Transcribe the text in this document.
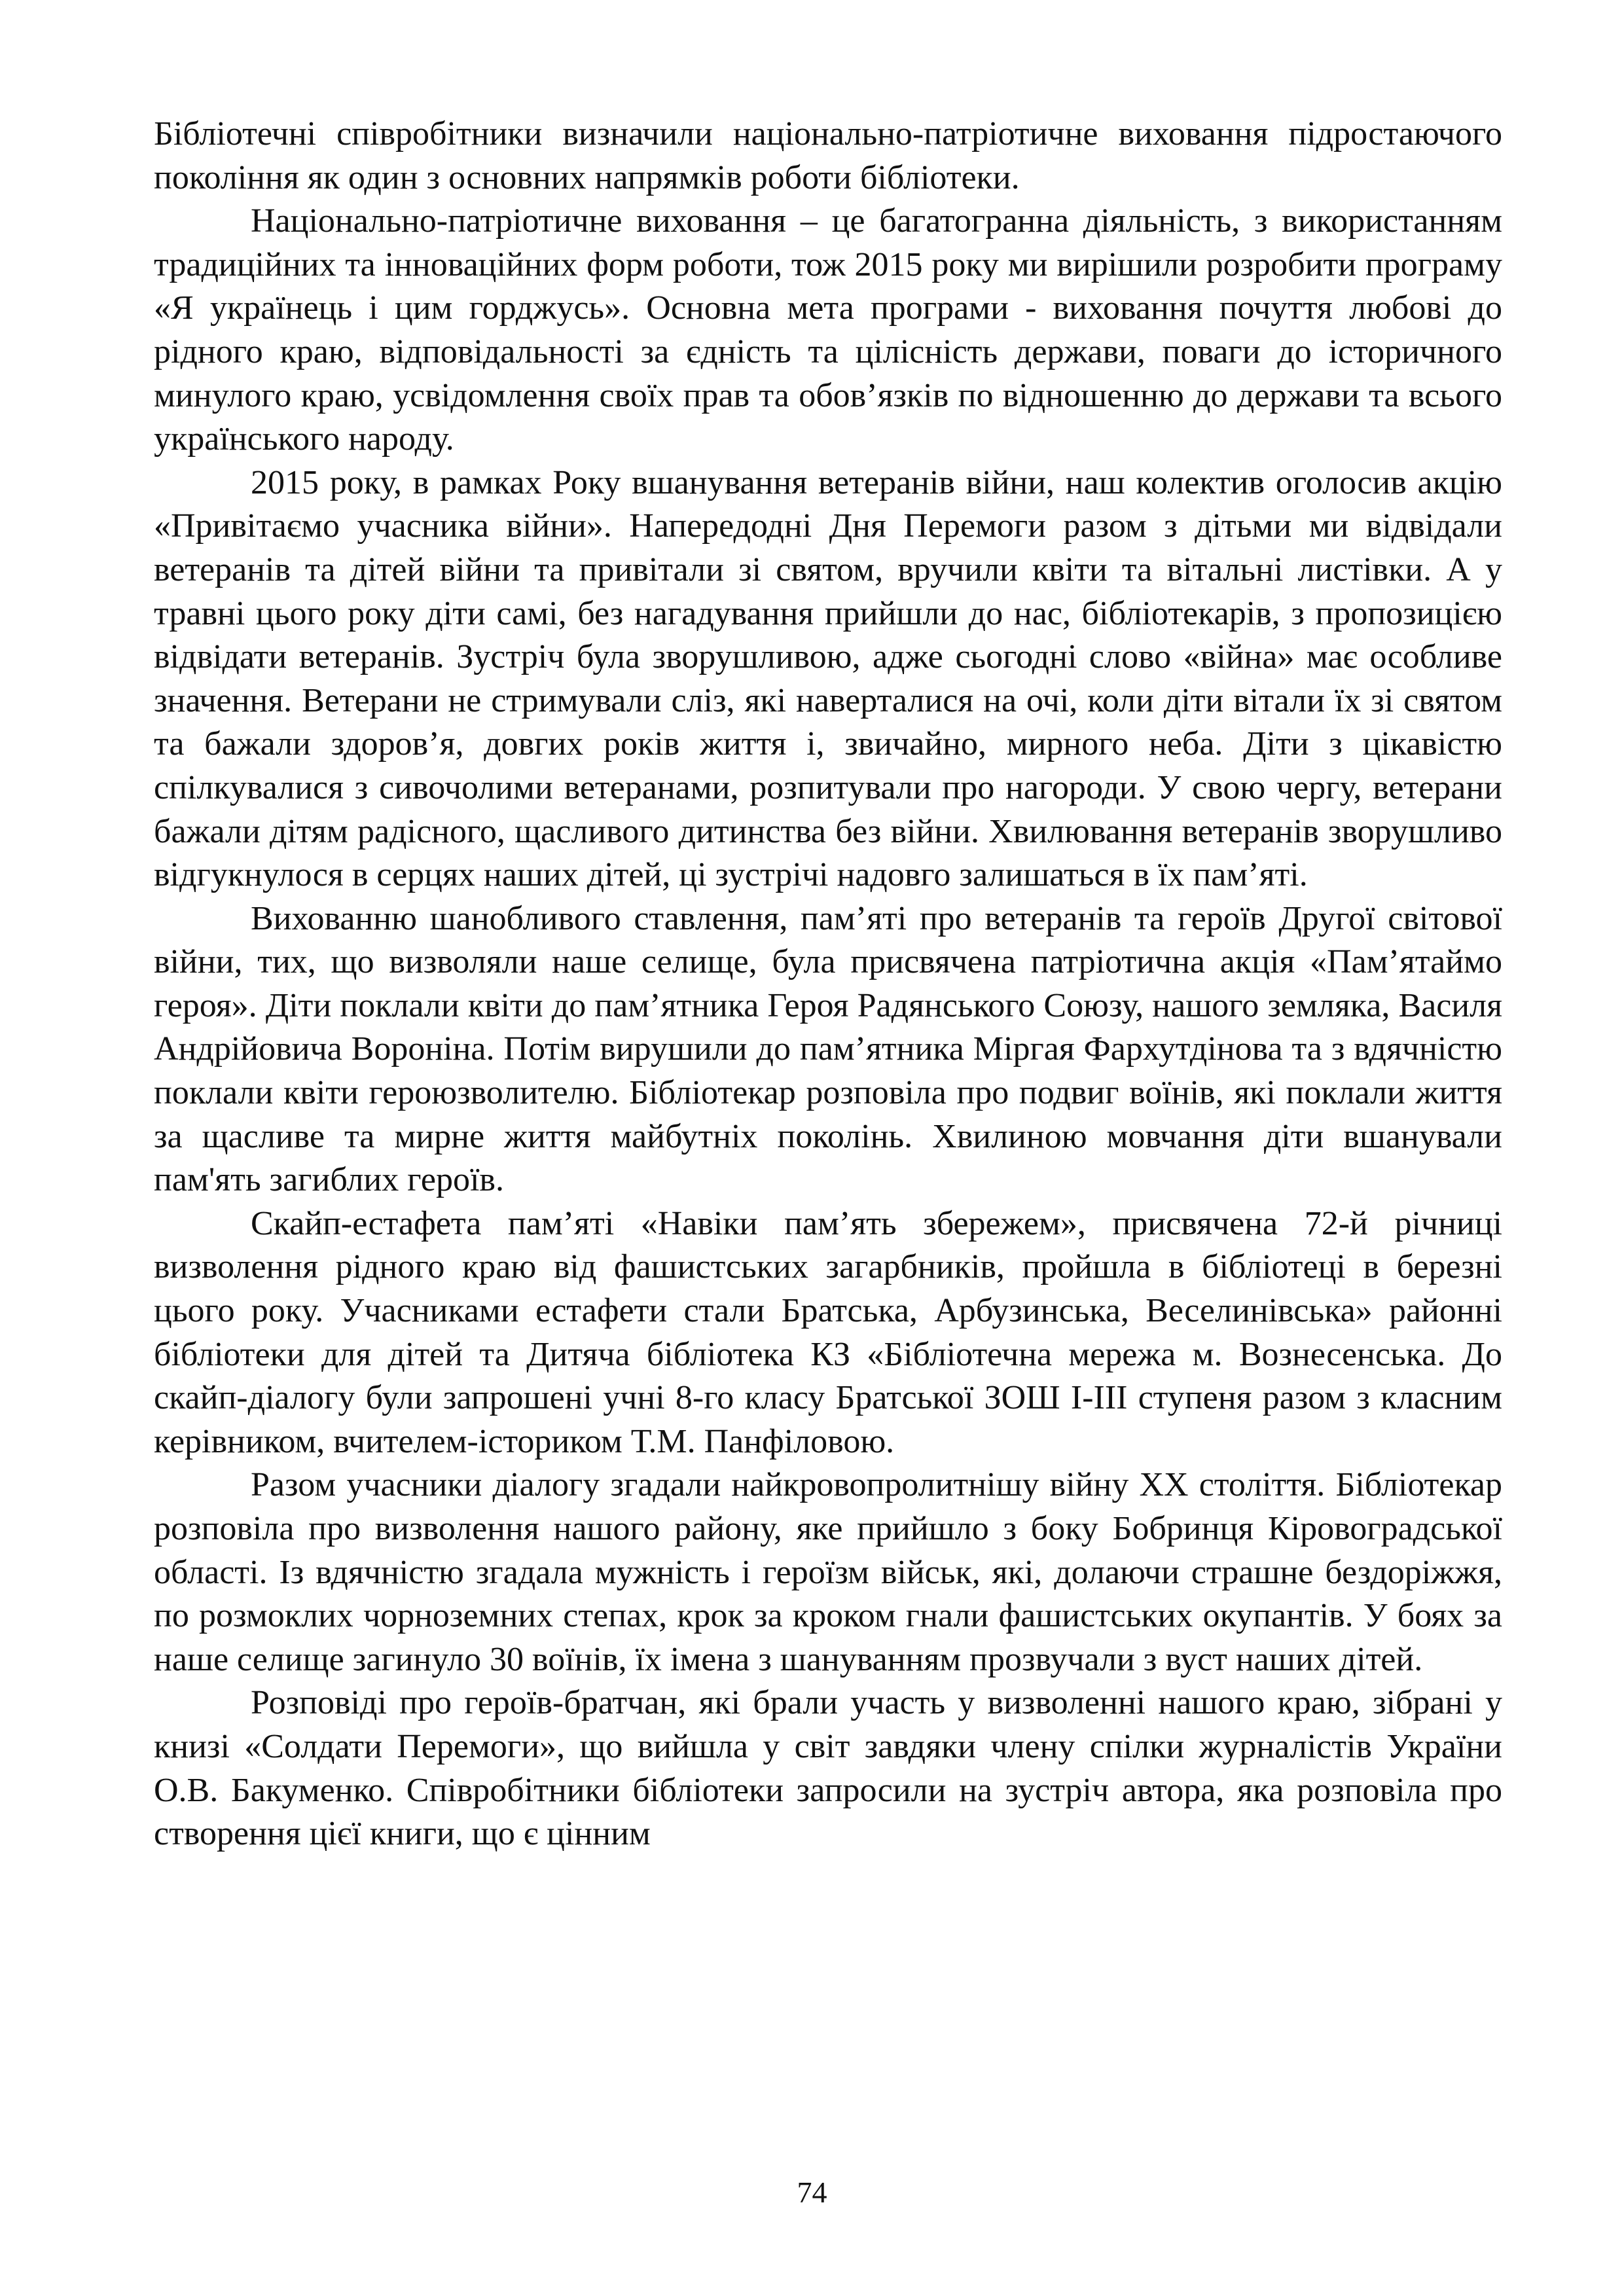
Бібліотечні співробітники визначили національно-патріотичне виховання підростаючого покоління як один з основних напрямків роботи бібліотеки.

Національно-патріотичне виховання – це багатогранна діяльність, з використанням традиційних та інноваційних форм роботи, тож 2015 року ми вирішили розробити програму «Я українець і цим горджусь». Основна мета програми - виховання почуття любові до рідного краю, відповідальності за єдність та цілісність держави, поваги до історичного минулого краю, усвідомлення своїх прав та обов’язків по відношенню до держави та всього українського народу.

2015 року, в рамках Року вшанування ветеранів війни, наш колектив оголосив акцію «Привітаємо учасника війни». Напередодні Дня Перемоги разом з дітьми ми відвідали ветеранів та дітей війни та привітали зі святом, вручили квіти та вітальні листівки. А у травні цього року діти самі, без нагадування прийшли до нас, бібліотекарів, з пропозицією відвідати ветеранів. Зустріч була зворушливою, адже сьогодні слово «війна» має особливе значення. Ветерани не стримували сліз, які наверталися на очі, коли діти вітали їх зі святом та бажали здоров’я, довгих років життя і, звичайно, мирного неба. Діти з цікавістю спілкувалися з сивочолими ветеранами, розпитували про нагороди. У свою чергу, ветерани бажали дітям радісного, щасливого дитинства без війни. Хвилювання ветеранів зворушливо відгукнулося в серцях наших дітей, ці зустрічі надовго залишаться в їх пам’яті.

Вихованню шанобливого ставлення, пам’яті про ветеранів та героїв Другої світової війни, тих, що визволяли наше селище, була присвячена патріотична акція «Пам’ятаймо героя». Діти поклали квіти до пам’ятника Героя Радянського Союзу, нашого земляка, Василя Андрійовича Вороніна. Потім вирушили до пам’ятника Міргая Фархутдінова та з вдячністю поклали квіти героюзволителю. Бібліотекар розповіла про подвиг воїнів, які поклали життя за щасливе та мирне життя майбутніх поколінь. Хвилиною мовчання діти вшанували пам'ять загиблих героїв.

Скайп-естафета пам’яті «Навіки пам’ять збережем», присвячена 72-й річниці визволення рідного краю від фашистських загарбників, пройшла в бібліотеці в березні цього року. Учасниками естафети стали Братська, Арбузинська, Веселинівська» районні бібліотеки для дітей та Дитяча бібліотека КЗ «Бібліотечна мережа м. Вознесенська. До скайп-діалогу були запрошені учні 8-го класу Братської ЗОШ І-ІІІ ступеня разом з класним керівником, вчителем-істориком Т.М. Панфіловою.

Разом учасники діалогу згадали найкровопролитнішу війну ХХ століття. Бібліотекар розповіла про визволення нашого району, яке прийшло з боку Бобринця Кіровоградської області. Із вдячністю згадала мужність і героїзм військ, які, долаючи страшне бездоріжжя, по розмоклих чорноземних степах, крок за кроком гнали фашистських окупантів. У боях за наше селище загинуло 30 воїнів, їх імена з шануванням прозвучали з вуст наших дітей.

Розповіді про героїв-братчан, які брали участь у визволенні нашого краю, зібрані у книзі «Солдати Перемоги», що вийшла у світ завдяки члену спілки журналістів України О.В. Бакуменко. Співробітники бібліотеки запросили на зустріч автора, яка розповіла про створення цієї книги, що є цінним

74
